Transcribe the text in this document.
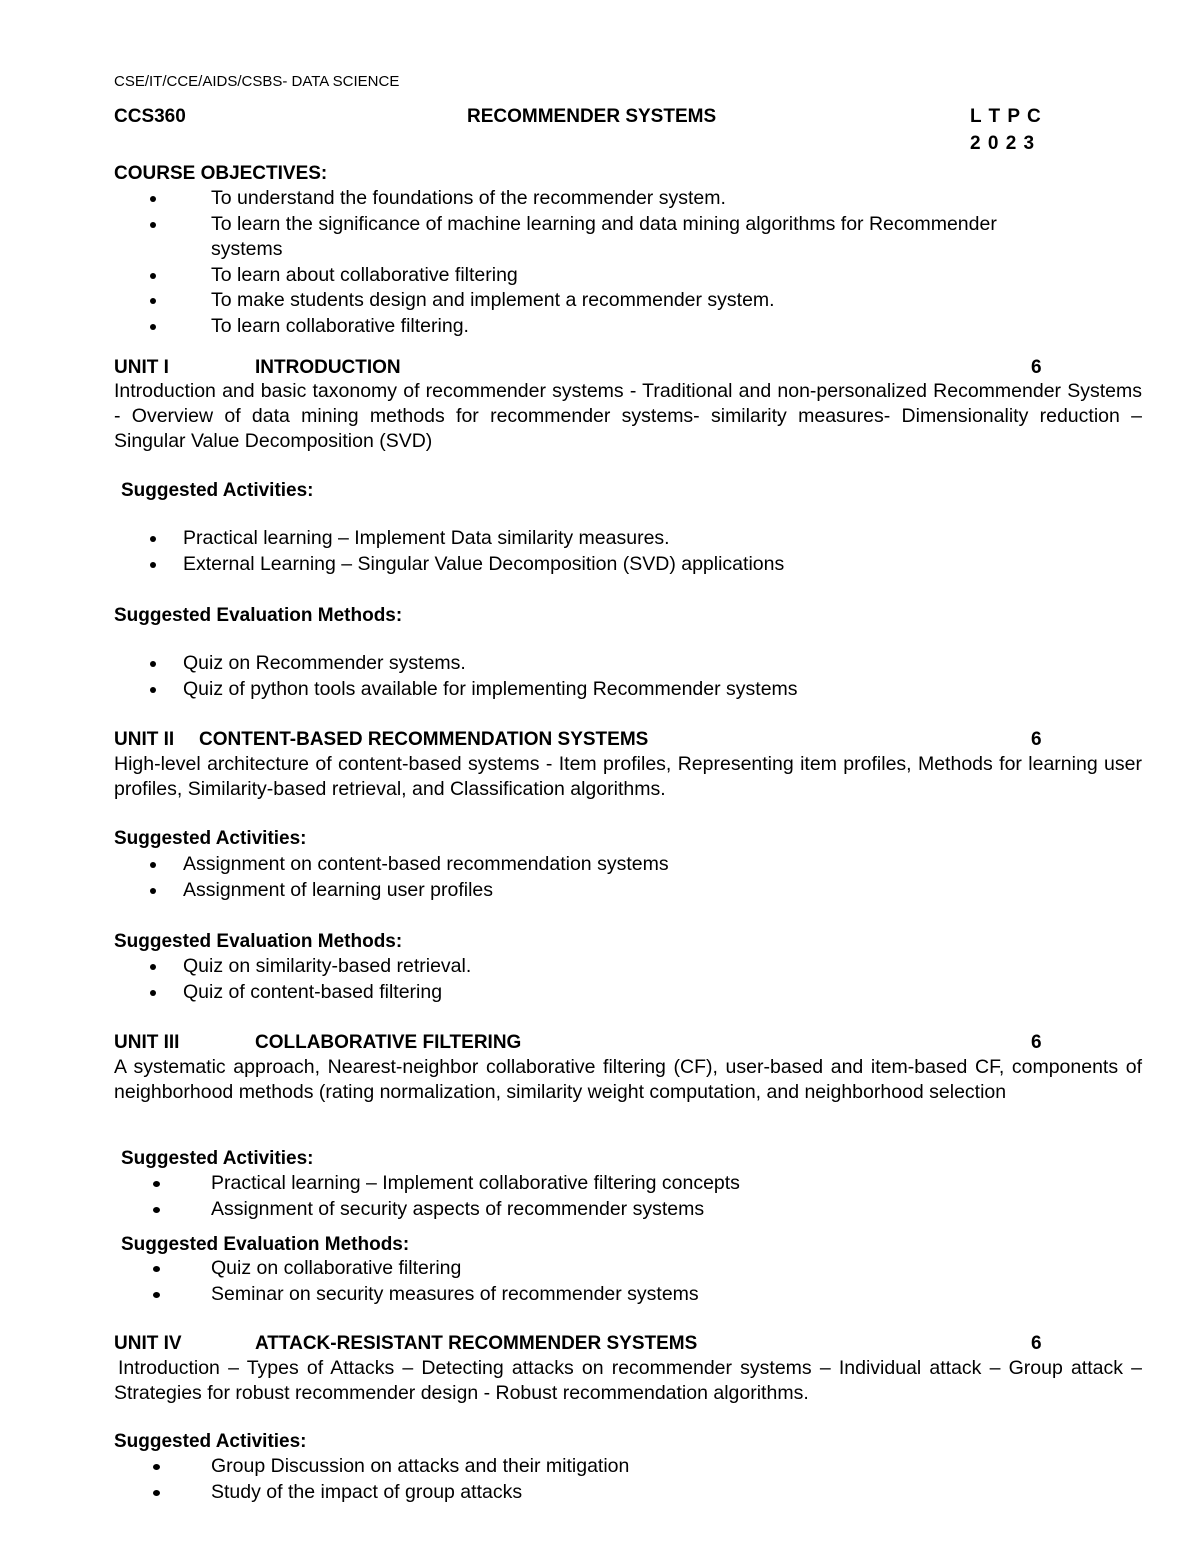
CSE/IT/CCE/AIDS/CSBS- DATA SCIENCE
CCS360	RECOMMENDER SYSTEMS	L T P C
2 0 2 3
COURSE OBJECTIVES:
To understand the foundations of the recommender system.
To learn the significance of machine learning and data mining algorithms for Recommender
systems
To learn about collaborative filtering
To make students design and implement a recommender system.
To learn collaborative filtering.
UNIT I	INTRODUCTION	6
Introduction and basic taxonomy of recommender systems - Traditional and non-personalized Recommender Systems - Overview of data mining methods for recommender systems- similarity measures- Dimensionality reduction – Singular Value Decomposition (SVD)
Suggested Activities:
Practical learning – Implement Data similarity measures.
External Learning – Singular Value Decomposition (SVD) applications
Suggested Evaluation Methods:
Quiz on Recommender systems.
Quiz of python tools available for implementing Recommender systems
UNIT II CONTENT-BASED RECOMMENDATION SYSTEMS	6
High-level architecture of content-based systems - Item profiles, Representing item profiles, Methods for learning user profiles, Similarity-based retrieval, and Classification algorithms.
Suggested Activities:
Assignment on content-based recommendation systems
Assignment of learning user profiles
Suggested Evaluation Methods:
Quiz on similarity-based retrieval.
Quiz of content-based filtering
UNIT III	COLLABORATIVE FILTERING	6
A systematic approach, Nearest-neighbor collaborative filtering (CF), user-based and item-based CF, components of neighborhood methods (rating normalization, similarity weight computation, and neighborhood selection
Suggested Activities:
Practical learning – Implement collaborative filtering concepts
Assignment of security aspects of recommender systems
Suggested Evaluation Methods:
Quiz on collaborative filtering
Seminar on security measures of recommender systems
UNIT IV	ATTACK-RESISTANT RECOMMENDER SYSTEMS	6
Introduction – Types of Attacks – Detecting attacks on recommender systems – Individual attack – Group attack – Strategies for robust recommender design - Robust recommendation algorithms.
Suggested Activities:
Group Discussion on attacks and their mitigation
Study of the impact of group attacks
